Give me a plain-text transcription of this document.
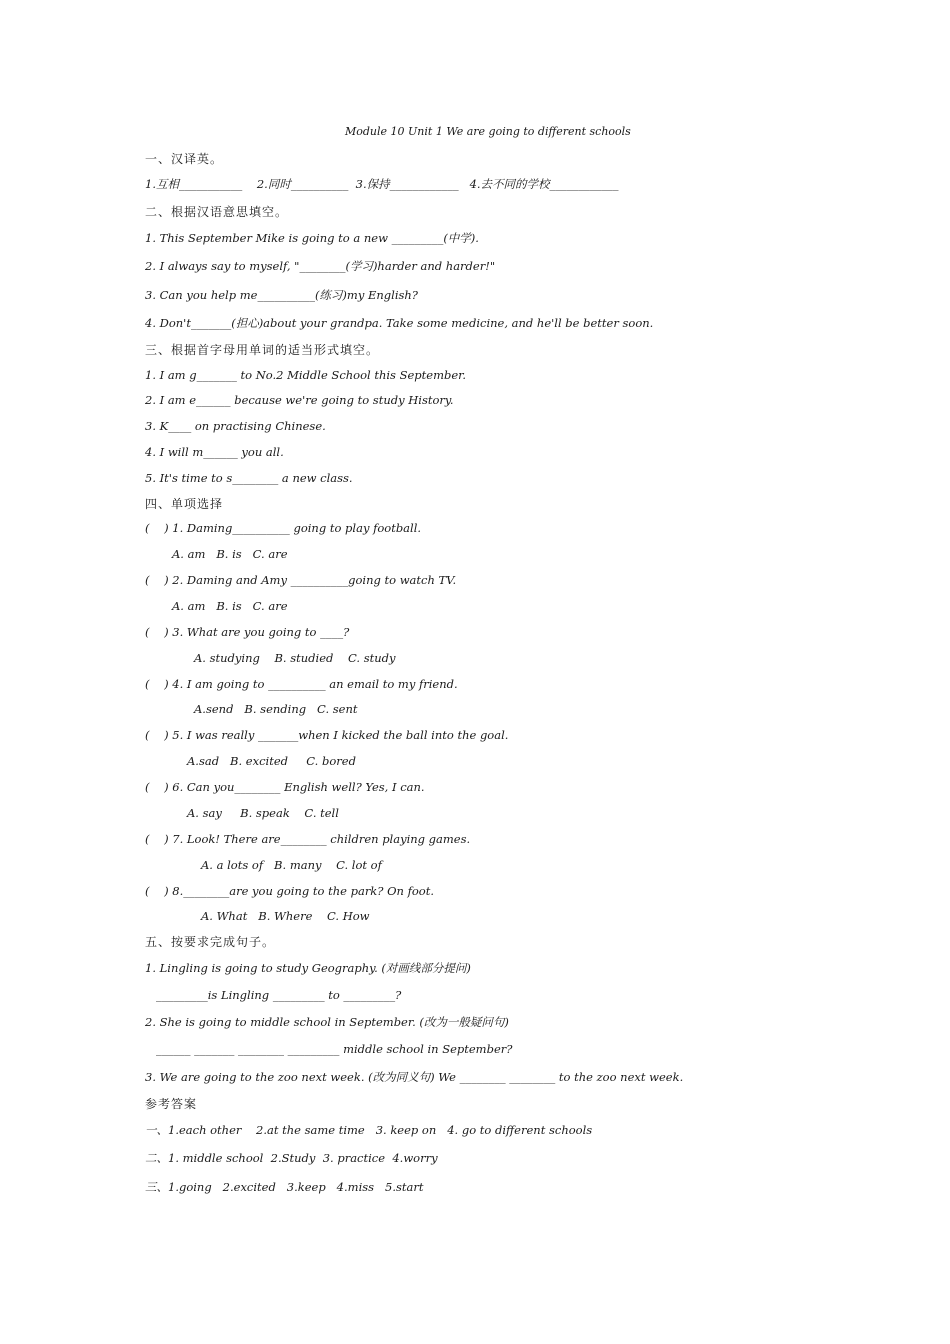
Module 10 Unit 1 We are going to different schools
一、汉译英。
1.互相___________    2.同时__________  3.保持____________   4.去不同的学校____________
二、根据汉语意思填空。
1. This September Mike is going to a new _________(中学).
2. I always say to myself, "________(学习)harder and harder!"
3. Can you help me__________(练习)my English?
4. Don't_______(担心)about your grandpa. Take some medicine, and he'll be better soon.
三、根据首字母用单词的适当形式填空。
1. I am g_______ to No.2 Middle School this September.
2. I am e______ because we're going to study History.
3. K____ on practising Chinese.
4. I will m______ you all.
5. It's time to s________ a new class.
四、单项选择
(    ) 1. Daming__________ going to play football.
A. am   B. is   C. are
(    ) 2. Daming and Amy __________going to watch TV.
A. am   B. is   C. are
(    ) 3. What are you going to ____?
A. studying    B. studied    C. study
(    ) 4. I am going to __________ an email to my friend.
A.send   B. sending   C. sent
(    ) 5. I was really _______when I kicked the ball into the goal.
A.sad   B. excited     C. bored
(    ) 6. Can you________ English well? Yes, I can.
A. say     B. speak    C. tell
(    ) 7. Look! There are________ children playing games.
A. a lots of   B. many    C. lot of
(    ) 8.________are you going to the park? On foot.
A. What   B. Where    C. How
五、按要求完成句子。
1. Lingling is going to study Geography. (对画线部分提问)
_________is Lingling _________ to _________?
2. She is going to middle school in September. (改为一般疑问句)
______ _______ ________ _________ middle school in September?
3. We are going to the zoo next week. (改为同义句) We ________ ________ to the zoo next week.
参考答案
一、1.each other    2.at the same time   3. keep on   4. go to different schools
二、1. middle school  2.Study  3. practice  4.worry
三、1.going   2.excited   3.keep   4.miss   5.start
